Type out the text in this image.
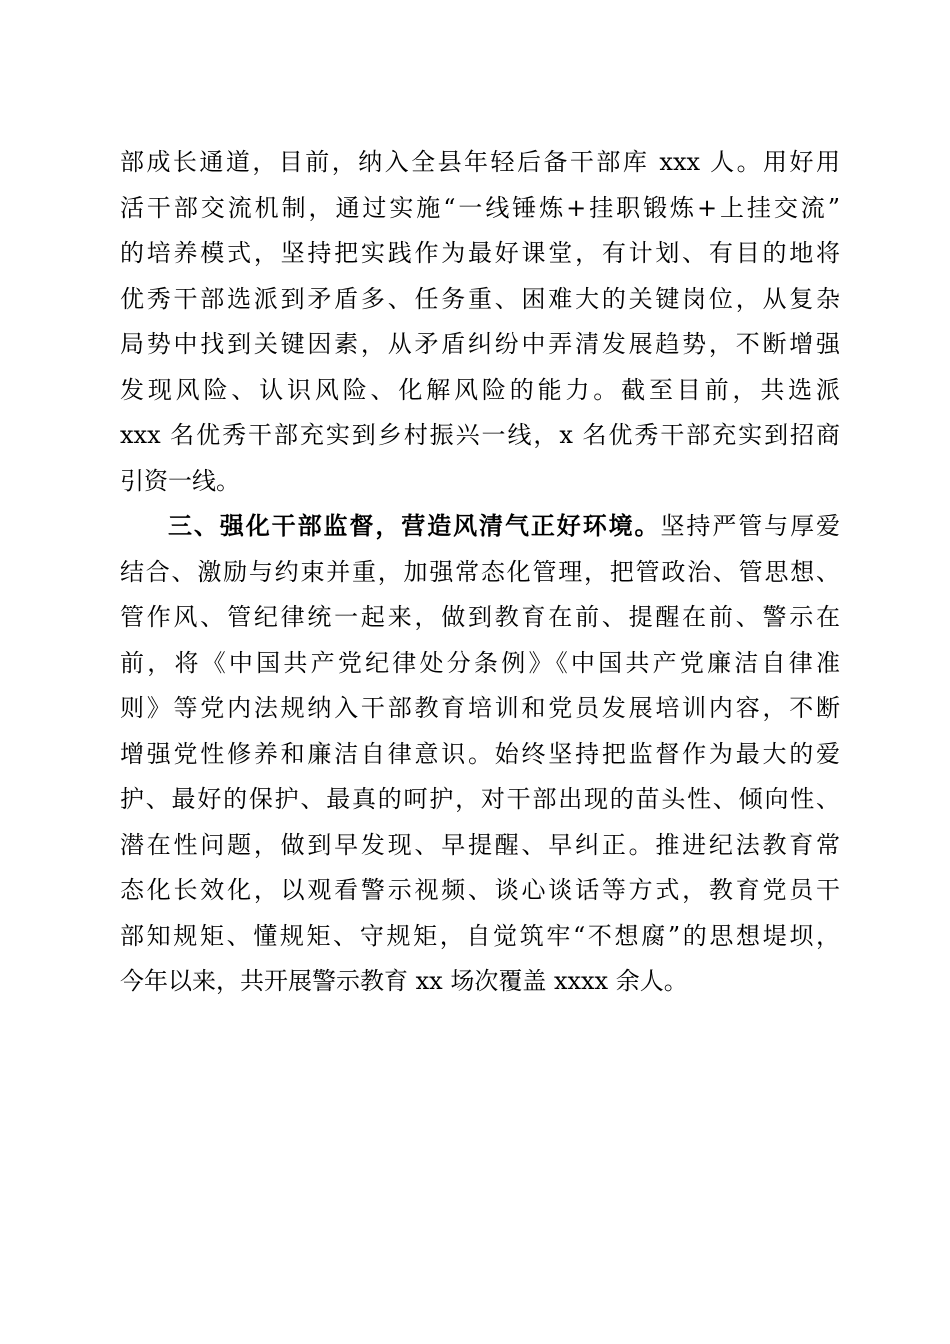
部成长通道，目前，纳入全县年轻后备干部库 xxx 人。用好用
活干部交流机制，通过实施“一线锤炼+挂职锻炼+上挂交流”
的培养模式，坚持把实践作为最好课堂，有计划、有目的地将
优秀干部选派到矛盾多、任务重、困难大的关键岗位，从复杂
局势中找到关键因素，从矛盾纠纷中弄清发展趋势，不断增强
发现风险、认识风险、化解风险的能力。截至目前，共选派
xxx 名优秀干部充实到乡村振兴一线，x 名优秀干部充实到招商
引资一线。
三、强化干部监督，营造风清气正好环境。坚持严管与厚爱
结合、激励与约束并重，加强常态化管理，把管政治、管思想、
管作风、管纪律统一起来，做到教育在前、提醒在前、警示在
前，将《中国共产党纪律处分条例》《中国共产党廉洁自律准
则》等党内法规纳入干部教育培训和党员发展培训内容，不断
增强党性修养和廉洁自律意识。始终坚持把监督作为最大的爱
护、最好的保护、最真的呵护，对干部出现的苗头性、倾向性、
潜在性问题，做到早发现、早提醒、早纠正。推进纪法教育常
态化长效化，以观看警示视频、谈心谈话等方式，教育党员干
部知规矩、懂规矩、守规矩，自觉筑牢“不想腐”的思想堤坝，
今年以来，共开展警示教育 xx 场次覆盖 xxxx 余人。
